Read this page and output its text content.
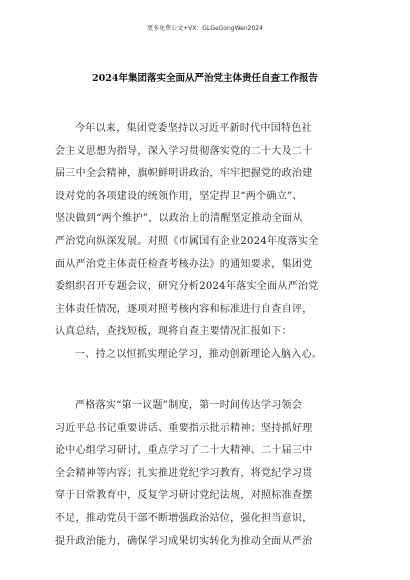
更多免费公文+VX：GLGeGongWen2024
2024年集团落实全面从严治党主体责任自查工作报告
今年以来，集团党委坚持以习近平新时代中国特色社
会主义思想为指导，深入学习贯彻落实党的二十大及二十
届三中全会精神，旗帜鲜明讲政治，牢牢把握党的政治建
设对党的各项建设的统领作用，坚定捍卫“两个确立”、
坚决做到“两个维护”，以政治上的清醒坚定推动全面从
严治党向纵深发展。对照《市属国有企业2024年度落实全
面从严治党主体责任检查考核办法》的通知要求，集团党
委组织召开专题会议，研究分析2024年落实全面从严治党
主体责任情况，逐项对照考核内容和标准进行自查自评，
认真总结，查找短板，现将自查主要情况汇报如下：
一、持之以恒抓实理论学习，推动创新理论入脑入心。
严格落实“第一议题”制度，第一时间传达学习领会
习近平总书记重要讲话、重要指示批示精神；坚持抓好理
论中心组学习研讨，重点学习了二十大精神、二十届三中
全会精神等内容；扎实推进党纪学习教育，将党纪学习贯
穿于日常教育中，反复学习研讨党纪法规，对照标准查摆
不足，推动党员干部不断增强政治站位，强化担当意识，
提升政治能力，确保学习成果切实转化为推动全面从严治
